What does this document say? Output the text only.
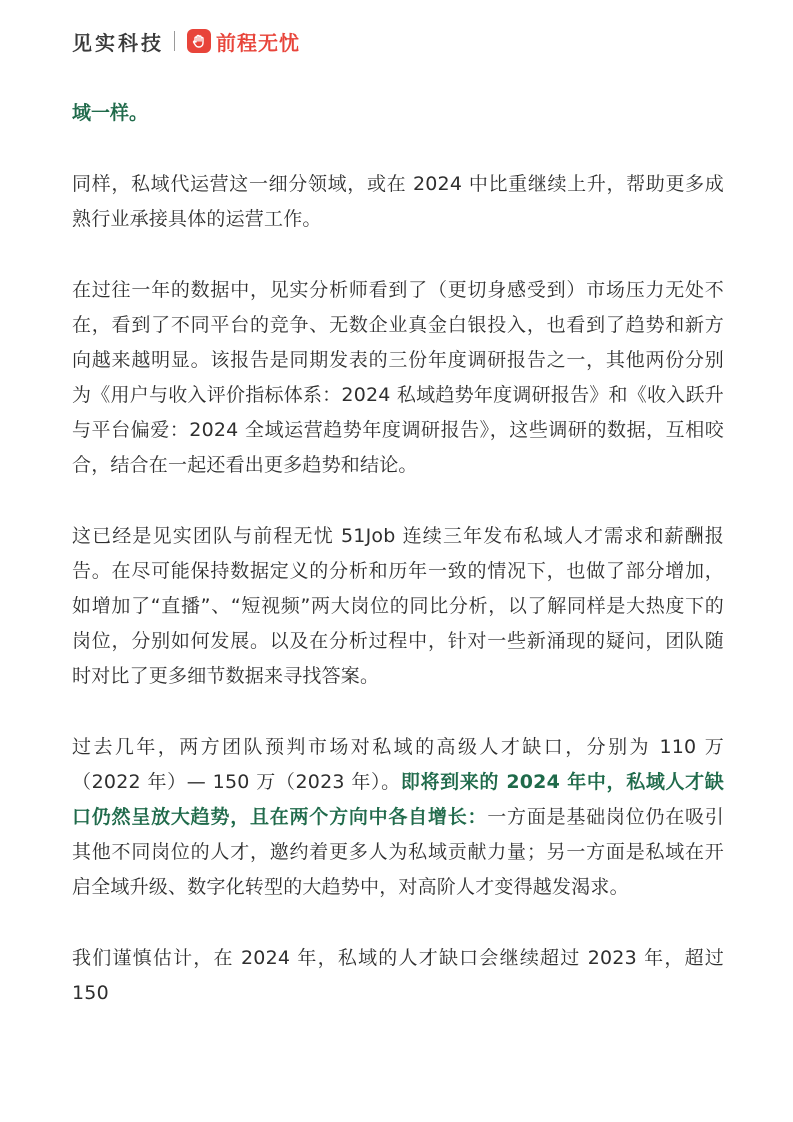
见实科技	前程无忧

域一样。

同样，私域代运营这一细分领域，或在 2024 中比重继续上升，帮助更多成熟行业承接具体的运营工作。

在过往一年的数据中，见实分析师看到了（更切身感受到）市场压力无处不在，看到了不同平台的竞争、无数企业真金白银投入，也看到了趋势和新方向越来越明显。该报告是同期发表的三份年度调研报告之一，其他两份分别为《用户与收入评价指标体系：2024 私域趋势年度调研报告》和《收入跃升与平台偏爱：2024 全域运营趋势年度调研报告》，这些调研的数据，互相咬合，结合在一起还看出更多趋势和结论。

这已经是见实团队与前程无忧 51Job 连续三年发布私域人才需求和薪酬报告。在尽可能保持数据定义的分析和历年一致的情况下，也做了部分增加，如增加了“直播”、“短视频”两大岗位的同比分析，以了解同样是大热度下的岗位，分别如何发展。以及在分析过程中，针对一些新涌现的疑问，团队随时对比了更多细节数据来寻找答案。

过去几年，两方团队预判市场对私域的高级人才缺口，分别为 110 万（2022 年）— 150 万（2023 年）。即将到来的 2024 年中，私域人才缺口仍然呈放大趋势，且在两个方向中各自增长：一方面是基础岗位仍在吸引其他不同岗位的人才，邀约着更多人为私域贡献力量；另一方面是私域在开启全域升级、数字化转型的大趋势中，对高阶人才变得越发渴求。

我们谨慎估计，在 2024 年，私域的人才缺口会继续超过 2023 年，超过 150
